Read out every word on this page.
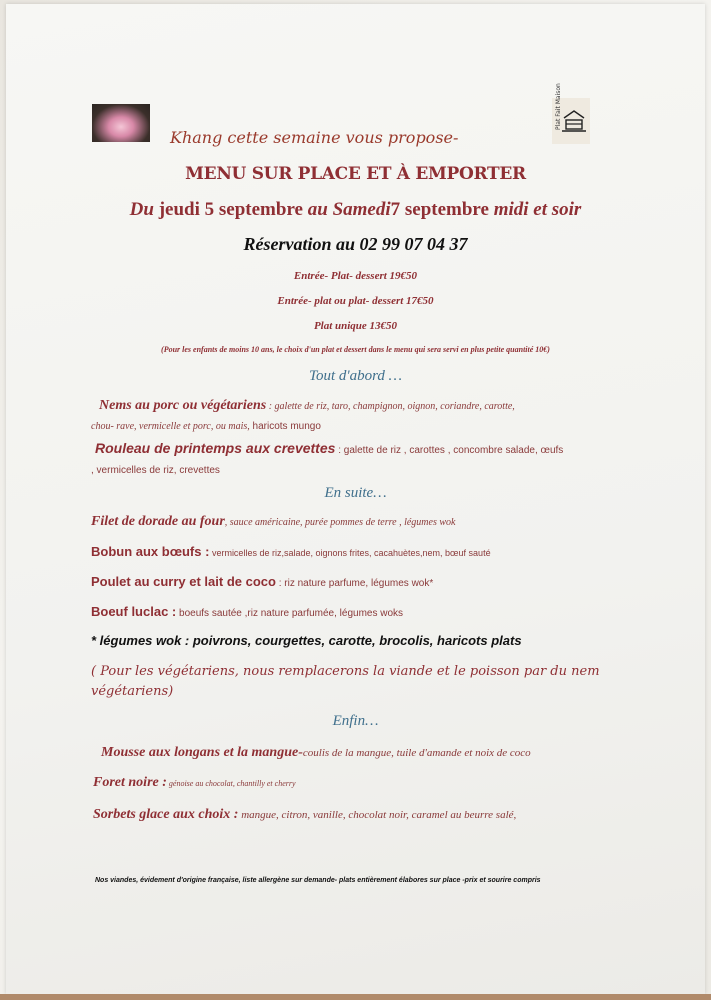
Plat Fait Maison
Khang cette semaine vous propose-
MENU SUR PLACE ET À EMPORTER
Du jeudi 5 septembre au Samedi7 septembre midi et soir
Réservation au 02 99 07 04 37
Entrée- Plat- dessert 19€50
Entrée- plat ou plat- dessert 17€50
Plat unique 13€50
(Pour les enfants de moins 10 ans, le choix d'un plat et dessert dans le menu qui sera servi en plus petite quantité 10€)
Tout d'abord …
Nems au porc ou végétariens : galette de riz, taro, champignon, oignon, coriandre, carotte,
chou- rave, vermicelle et porc, ou mais, haricots mungo
Rouleau de printemps aux crevettes : galette de riz , carottes , concombre salade, œufs
, vermicelles de riz, crevettes
En suite…
Filet de dorade au four, sauce américaine, purée pommes de terre , légumes wok
Bobun aux bœufs : vermicelles de riz,salade, oignons frites, cacahuètes,nem, bœuf sauté
Poulet au curry et lait de coco : riz nature parfume, légumes wok*
Boeuf luclac : boeufs sautée ,riz nature parfumée, légumes woks
* légumes wok : poivrons, courgettes, carotte, brocolis, haricots plats
( Pour les végétariens, nous remplacerons la viande et le poisson par du nem
végétariens)
Enfin…
Mousse aux longans et la mangue-coulis de la mangue, tuile d'amande et noix de coco
Foret noire : génoise au chocolat, chantilly et cherry
Sorbets glace aux choix : mangue, citron, vanille, chocolat noir, caramel au beurre salé,
Nos viandes, évidement d'origine française, liste allergène sur demande- plats entièrement élabores sur place -prix et sourire compris
